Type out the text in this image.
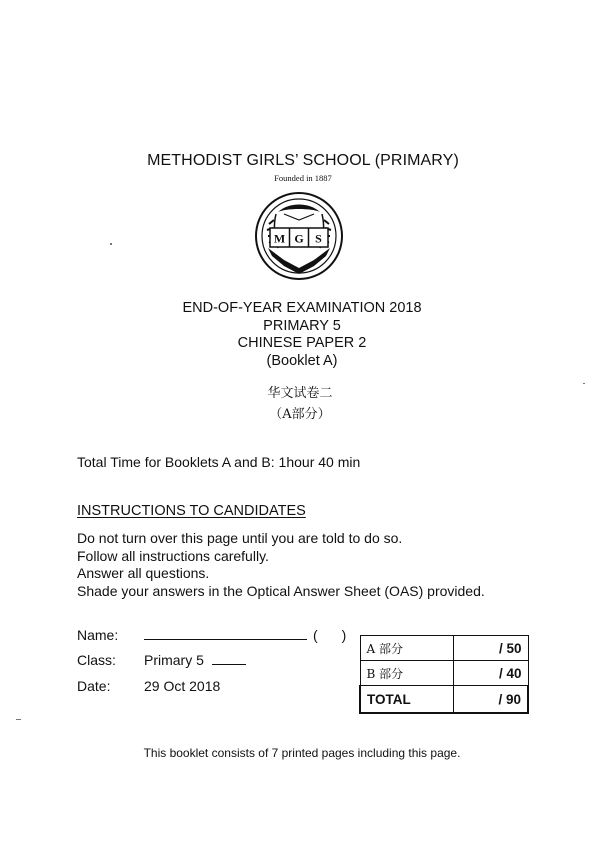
METHODIST GIRLS’ SCHOOL (PRIMARY)
Founded in 1887
M G S
END-OF-YEAR EXAMINATION 2018
PRIMARY 5
CHINESE PAPER 2
(Booklet A)
华文试卷二
（A部分）
Total Time for Booklets A and B: 1hour 40 min
INSTRUCTIONS TO CANDIDATES
Do not turn over this page until you are told to do so.
Follow all instructions carefully.
Answer all questions.
Shade your answers in the Optical Answer Sheet (OAS) provided.
Name:	( )
Class:	Primary 5
Date:	29 Oct 2018
A 部分	/ 50
B 部分	/ 40
TOTAL	/ 90
This booklet consists of 7 printed pages including this page.
